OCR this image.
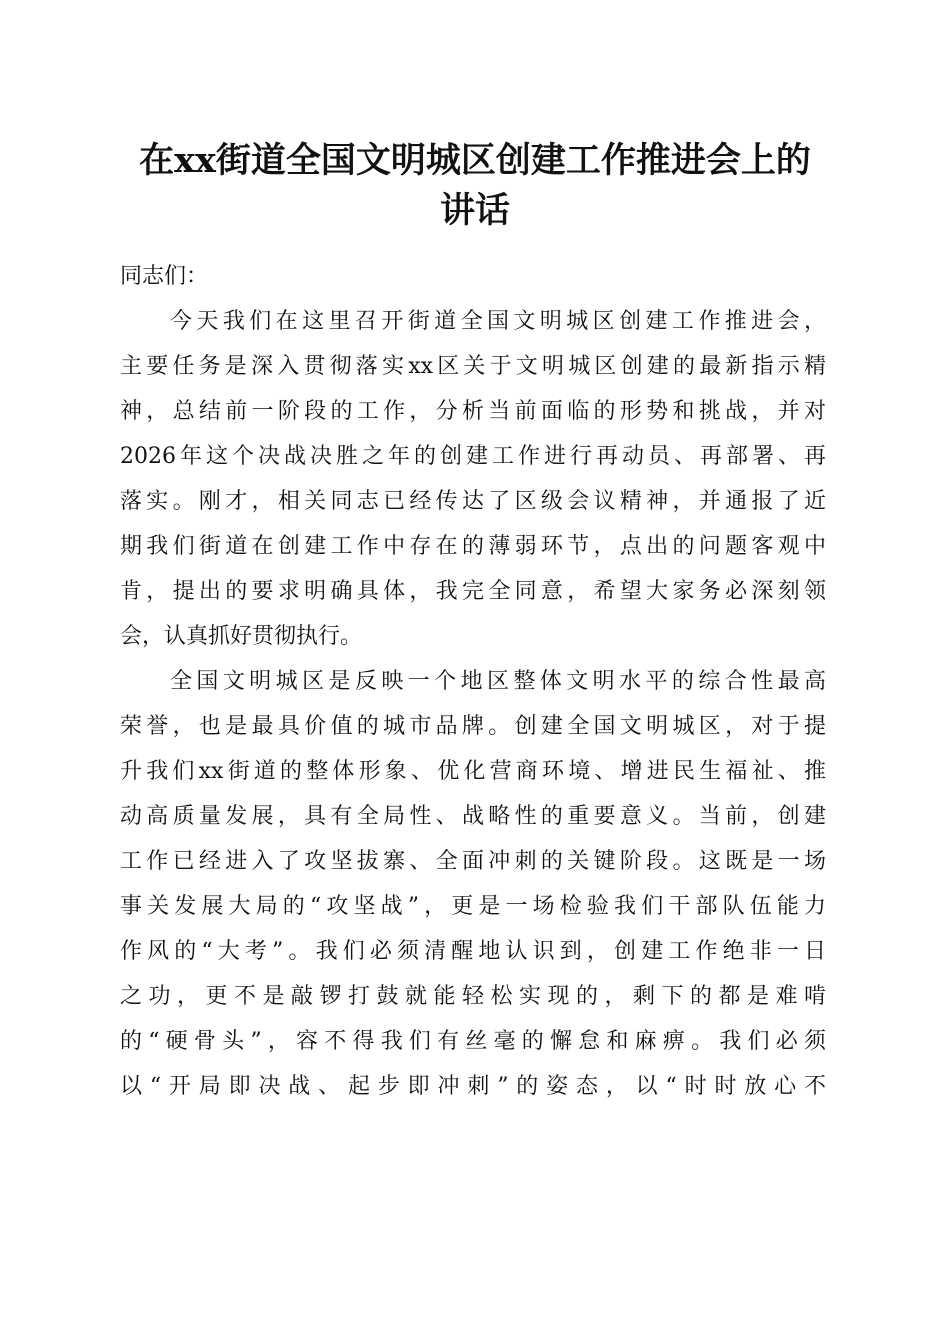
在xx街道全国文明城区创建工作推进会上的
讲话
同志们：
今天我们在这里召开街道全国文明城区创建工作推进会，
主要任务是深入贯彻落实xx区关于文明城区创建的最新指示精
神，总结前一阶段的工作，分析当前面临的形势和挑战，并对
2026年这个决战决胜之年的创建工作进行再动员、再部署、再
落实。刚才，相关同志已经传达了区级会议精神，并通报了近
期我们街道在创建工作中存在的薄弱环节，点出的问题客观中
肯，提出的要求明确具体，我完全同意，希望大家务必深刻领
会，认真抓好贯彻执行。
全国文明城区是反映一个地区整体文明水平的综合性最高
荣誉，也是最具价值的城市品牌。创建全国文明城区，对于提
升我们xx街道的整体形象、优化营商环境、增进民生福祉、推
动高质量发展，具有全局性、战略性的重要意义。当前，创建
工作已经进入了攻坚拔寨、全面冲刺的关键阶段。这既是一场
事关发展大局的“攻坚战”，更是一场检验我们干部队伍能力
作风的“大考”。我们必须清醒地认识到，创建工作绝非一日
之功，更不是敲锣打鼓就能轻松实现的，剩下的都是难啃
的“硬骨头”，容不得我们有丝毫的懈怠和麻痹。我们必须
以“开局即决战、起步即冲刺”的姿态，以“时时放心不
